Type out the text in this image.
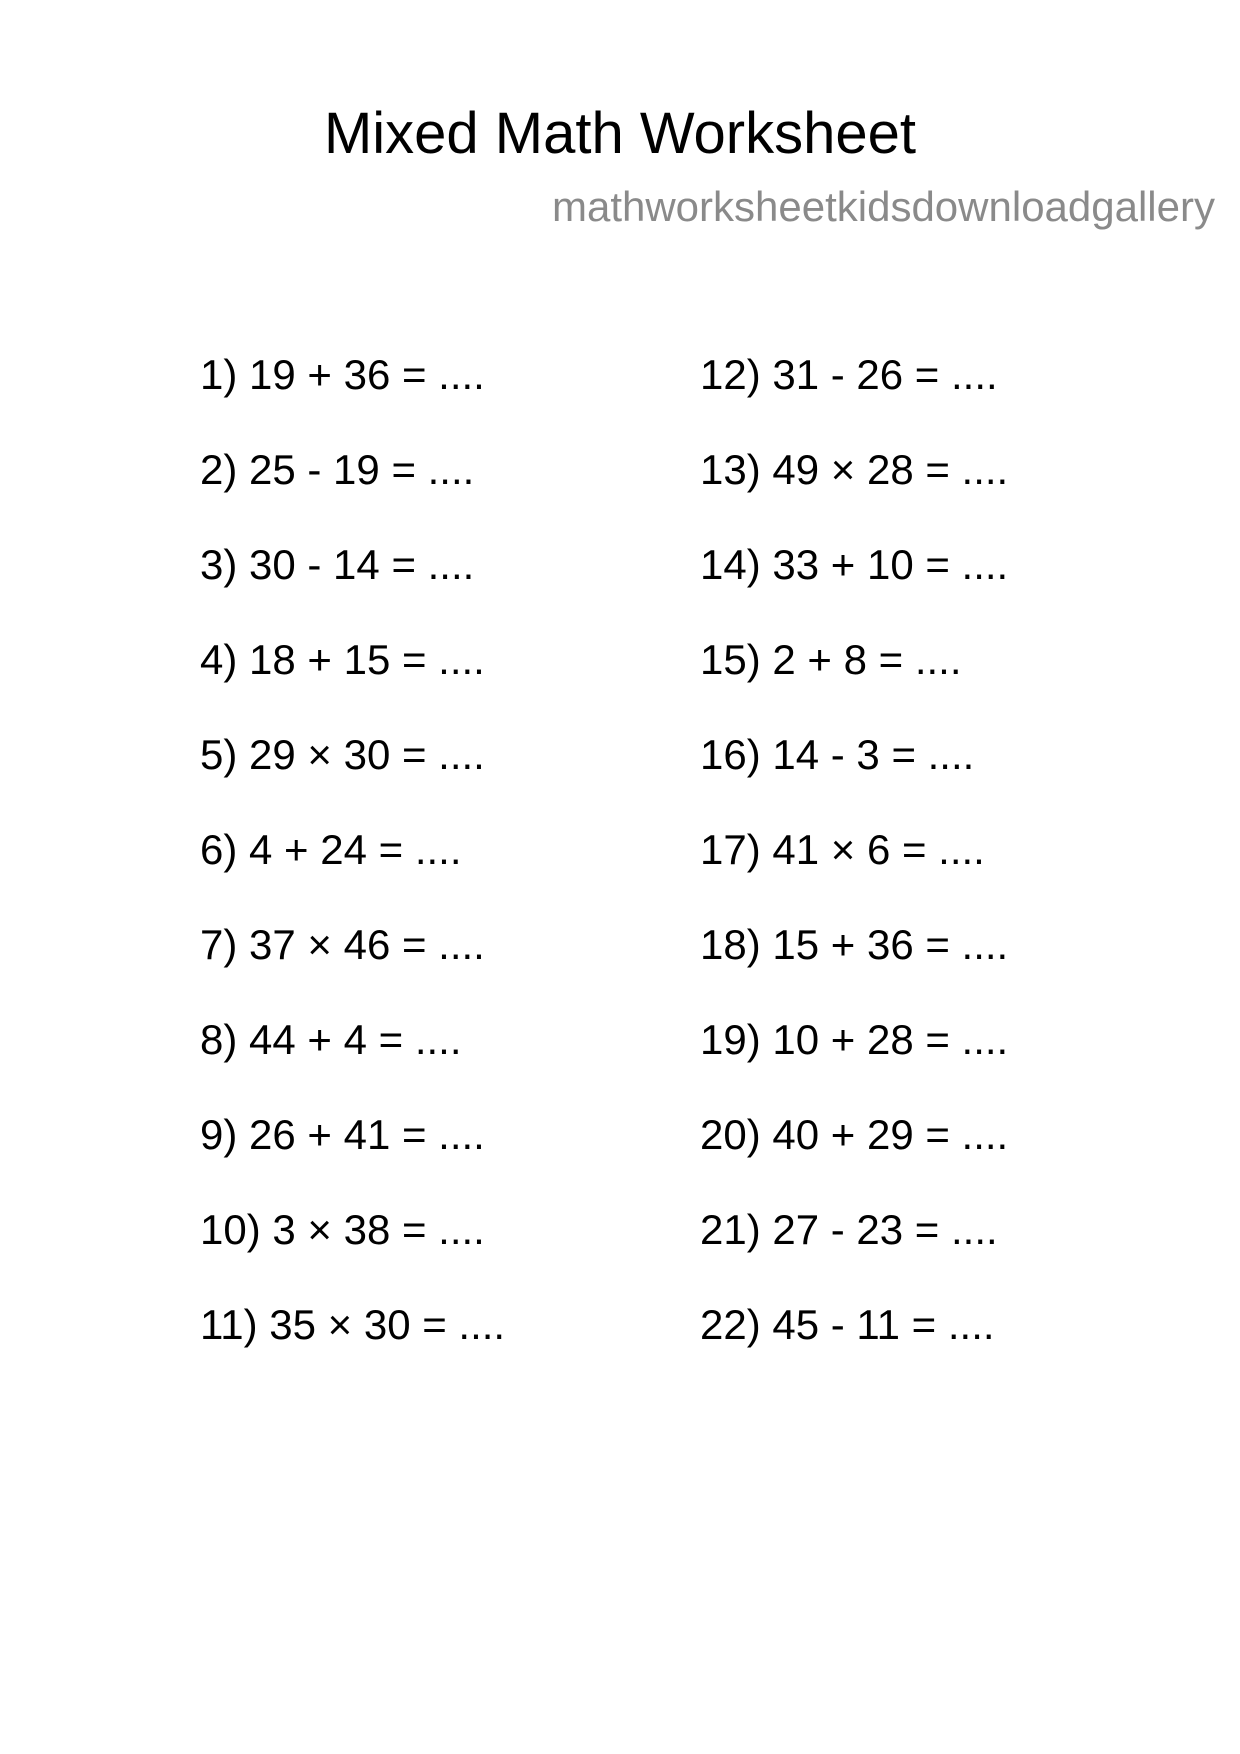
Mixed Math Worksheet
mathworksheetkidsdownloadgallery
1) 19 + 36 = ....
2) 25 - 19 = ....
3) 30 - 14 = ....
4) 18 + 15 = ....
5) 29 × 30 = ....
6) 4 + 24 = ....
7) 37 × 46 = ....
8) 44 + 4 = ....
9) 26 + 41 = ....
10) 3 × 38 = ....
11) 35 × 30 = ....
12) 31 - 26 = ....
13) 49 × 28 = ....
14) 33 + 10 = ....
15) 2 + 8 = ....
16) 14 - 3 = ....
17) 41 × 6 = ....
18) 15 + 36 = ....
19) 10 + 28 = ....
20) 40 + 29 = ....
21) 27 - 23 = ....
22) 45 - 11 = ....
